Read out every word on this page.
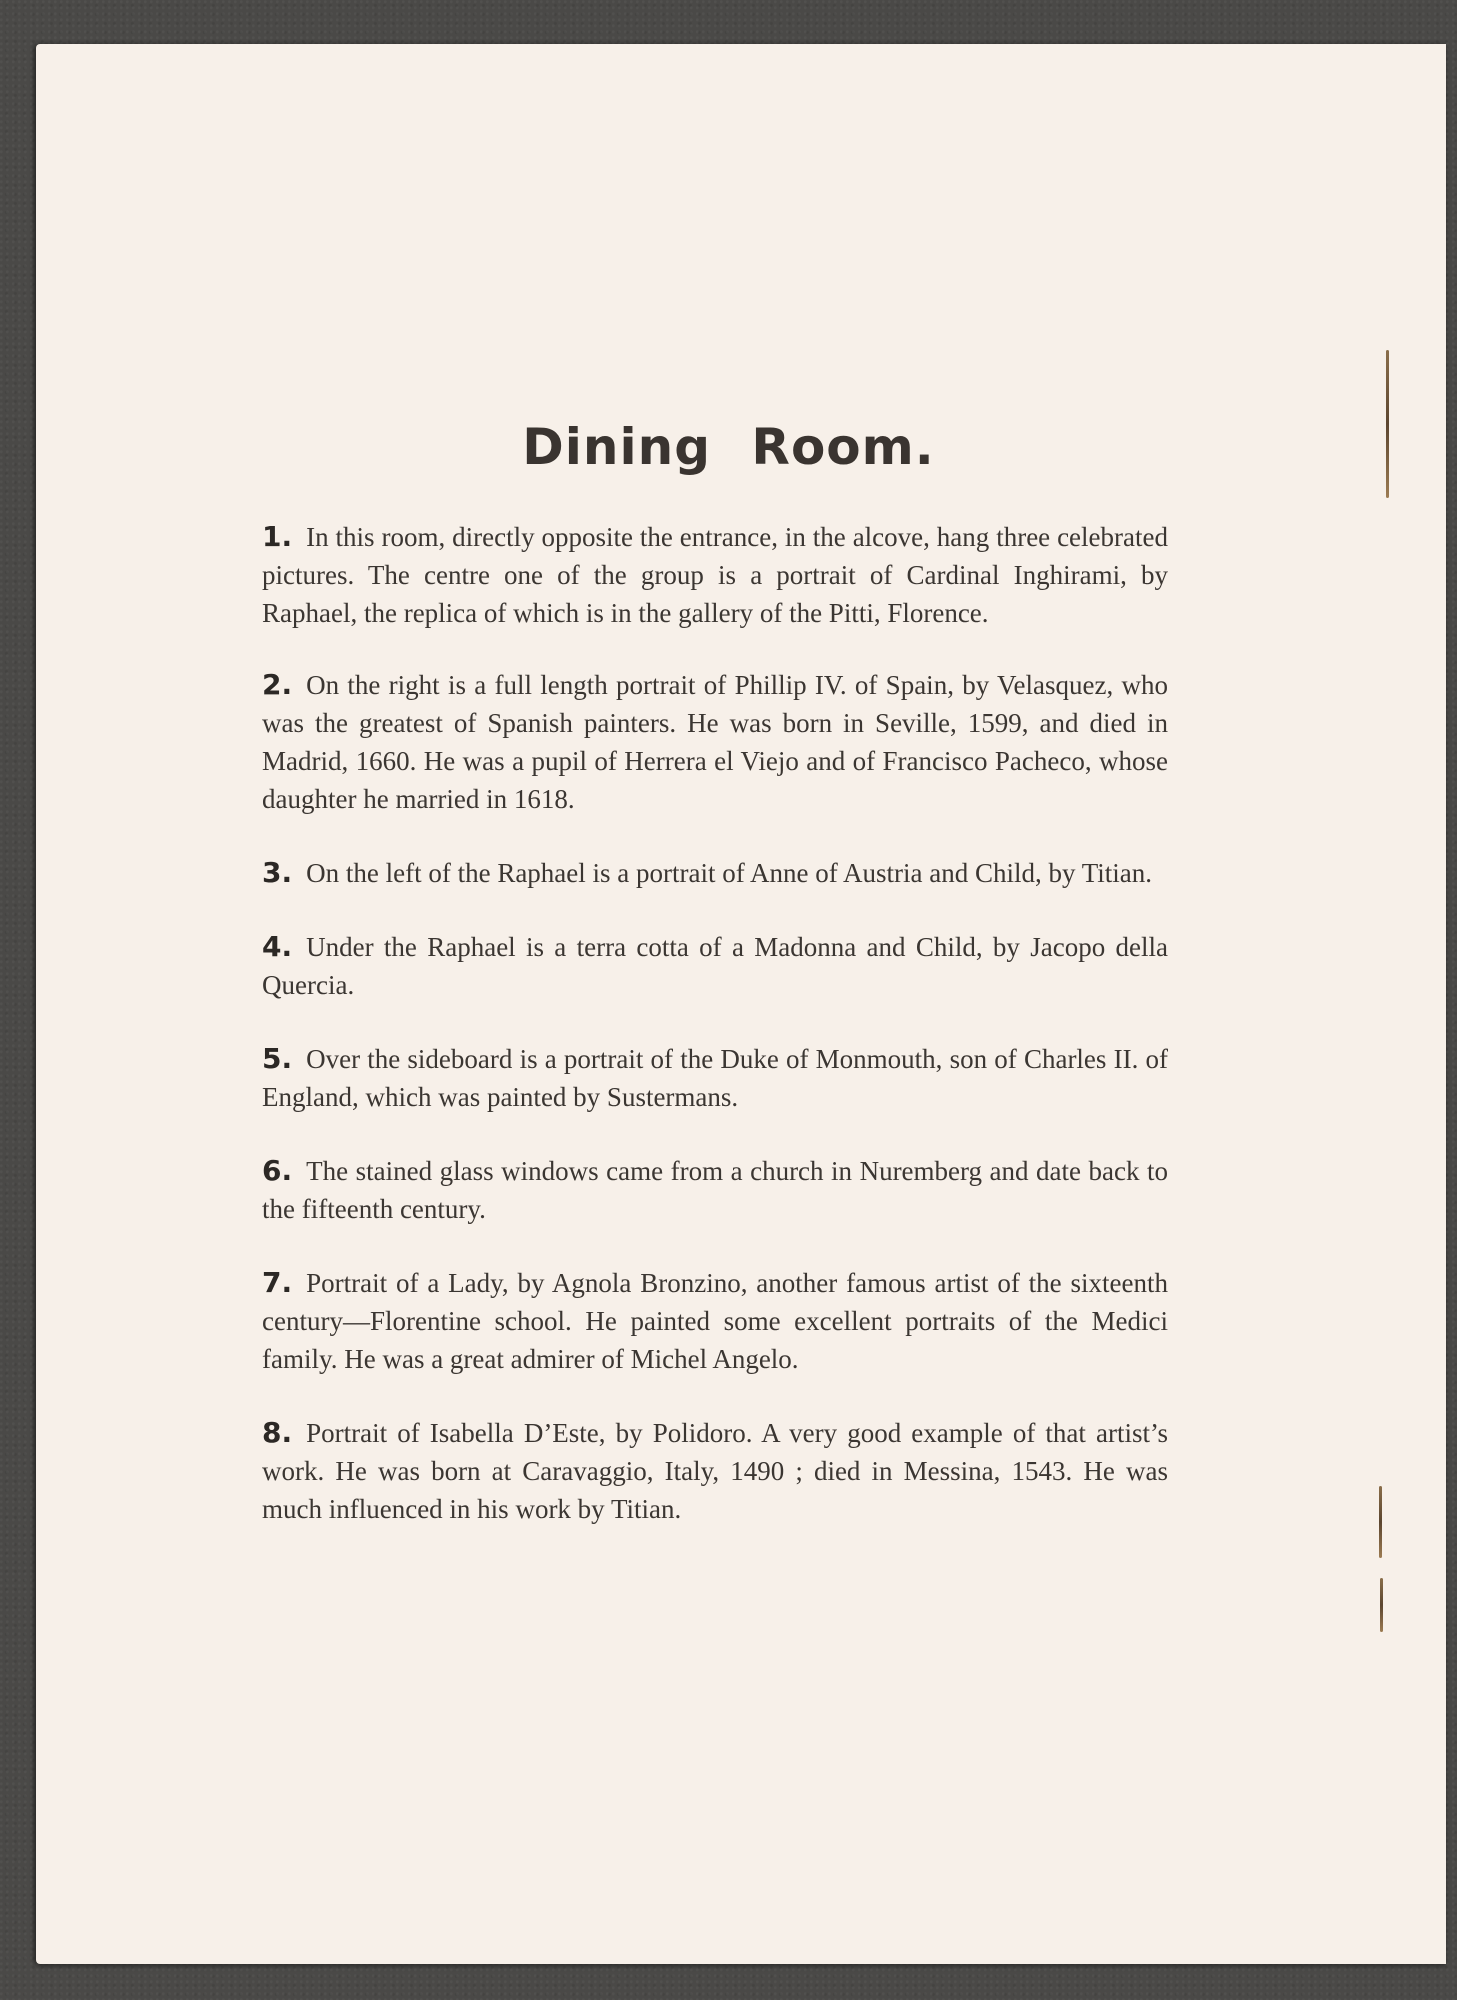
Dining Room.
1. In this room, directly opposite the entrance, in the alcove, hang three celebrated pictures. The centre one of the group is a portrait of Cardinal Inghirami, by Raphael, the replica of which is in the gallery of the Pitti, Florence.
2. On the right is a full length portrait of Phillip IV. of Spain, by Velasquez, who was the greatest of Spanish painters. He was born in Seville, 1599, and died in Madrid, 1660. He was a pupil of Herrera el Viejo and of Francisco Pacheco, whose daughter he married in 1618.
3. On the left of the Raphael is a portrait of Anne of Austria and Child, by Titian.
4. Under the Raphael is a terra cotta of a Madonna and Child, by Jacopo della Quercia.
5. Over the sideboard is a portrait of the Duke of Monmouth, son of Charles II. of England, which was painted by Sustermans.
6. The stained glass windows came from a church in Nuremberg and date back to the fifteenth century.
7. Portrait of a Lady, by Agnola Bronzino, another famous artist of the sixteenth century—Florentine school. He painted some excellent portraits of the Medici family. He was a great admirer of Michel Angelo.
8. Portrait of Isabella D’Este, by Polidoro. A very good example of that artist’s work. He was born at Caravaggio, Italy, 1490 ; died in Messina, 1543. He was much influenced in his work by Titian.
